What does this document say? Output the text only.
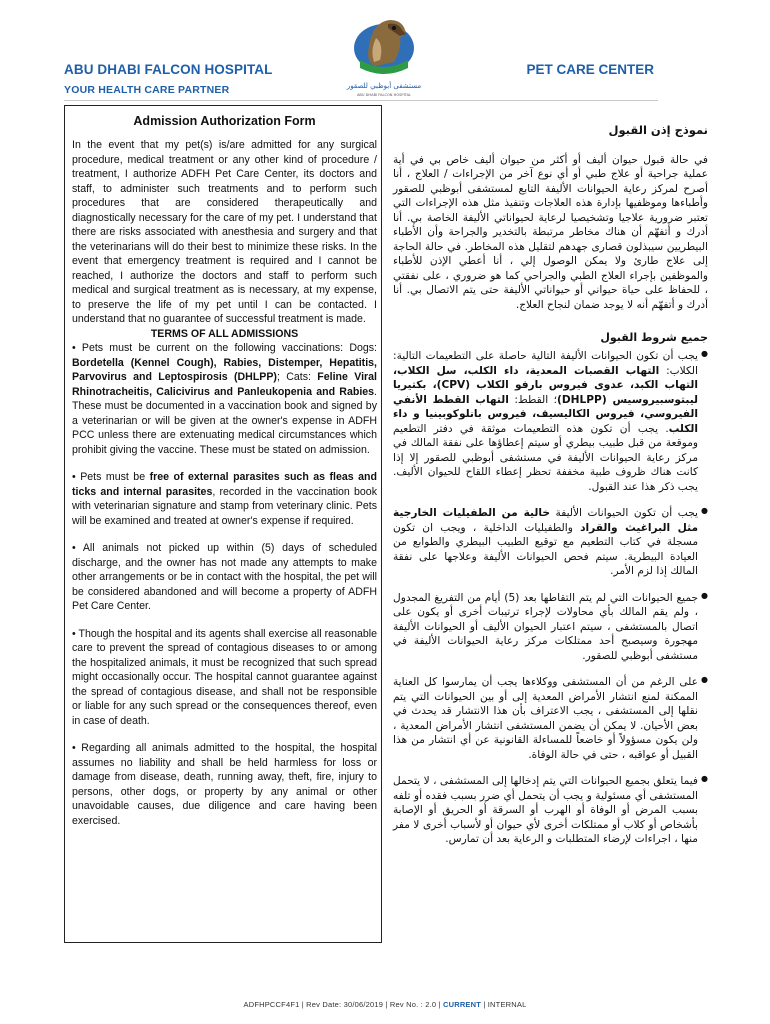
ABU DHABI FALCON HOSPITAL
YOUR HEALTH CARE PARTNER	مستشفى أبوظبي للصقور
ABU DHABI FALCON HOSPITAL
PET CARE CENTER
Admission Authorization Form

In the event that my pet(s) is/are admitted for any surgical procedure, medical treatment or any other kind of procedure / treatment, I authorize ADFH Pet Care Center, its doctors and staff, to administer such treatments and to perform such procedures that are considered therapeutically and diagnostically necessary for the care of my pet. I understand that there are risks associated with anesthesia and surgery and that the veterinarians will do their best to minimize these risks. In the event that emergency treatment is required and I cannot be reached, I authorize the doctors and staff to perform such medical and surgical treatment as is necessary, at my expense, to preserve the life of my pet until I can be contacted. I understand that no guarantee of successful treatment is made.

TERMS OF ALL ADMISSIONS

• Pets must be current on the following vaccinations: Dogs: Bordetella (Kennel Cough), Rabies, Distemper, Hepatitis, Parvovirus and Leptospirosis (DHLPP); Cats: Feline Viral Rhinotracheitis, Calicivirus and Panleukopenia and Rabies. These must be documented in a vaccination book and signed by a veterinarian or will be given at the owner's expense in ADFH PCC unless there are extenuating medical circumstances which prohibit giving the vaccine. These must be stated on admission.

• Pets must be free of external parasites such as fleas and ticks and internal parasites, recorded in the vaccination book with veterinarian signature and stamp from veterinary clinic. Pets will be examined and treated at owner's expense if required.

• All animals not picked up within (5) days of scheduled discharge, and the owner has not made any attempts to make other arrangements or be in contact with the hospital, the pet will be considered abandoned and will become a property of ADFH Pet Care Center.

• Though the hospital and its agents shall exercise all reasonable care to prevent the spread of contagious diseases to or among the hospitalized animals, it must be recognized that such spread might occasionally occur. The hospital cannot guarantee against the spread of contagious disease, and shall not be responsible or liable for any such spread or the consequences thereof, even in case of death.

• Regarding all animals admitted to the hospital, the hospital assumes no liability and shall be held harmless for loss or damage from disease, death, running away, theft, fire, injury to persons, other dogs, or property by any animal or other unavoidable causes, due diligence and care having been exercised.

نموذج إذن القبول

في حالة قبول حيوان أليف أو أكثر من حيوان أليف خاص بي في أية عملية جراحية أو علاج طبي أو أي نوع آخر من الإجراءات / العلاج ، أنا أصرح لمركز رعاية الحيوانات الأليفة التابع لمستشفى أبوظبي للصقور وأطباءها وموظفيها بإدارة هذه العلاجات وتنفيذ مثل هذه الإجراءات التي تعتبر ضرورية علاجيا وتشخيصيا لرعاية لحيواناتي الأليفة الخاصة بي. أنا أدرك و أتفهّم أن هناك مخاطر مرتبطة بالتخدير والجراحة وأن الأطباء البيطريين سيبذلون قصارى جهدهم لتقليل هذه المخاطر. في حالة الحاجة إلى علاج طارئ ولا يمكن الوصول إلي ، أنا أعطي الإذن للأطباء والموظفين بإجراء العلاج الطبي والجراحي كما هو ضروري ، على نفقتي ، للحفاظ على حياة حيواني أو حيواناتي الأليفة حتى يتم الاتصال بي. أنا أدرك و أتفهّم أنه لا يوجد ضمان لنجاح العلاج.

جميع شروط القبول

● يجب أن تكون الحيوانات الأليفة التالية حاصلة على التطعيمات التالية: الكلاب: التهاب القصبات المعدية، داء الكلب، سل الكلاب، التهاب الكبد، عدوى فيروس بارفو الكلاب (CPV)، بكتيريا ليبتوسبيروسيس (DHLPP)؛ القطط: التهاب القطط الأنفي الفيروسي، فيروس الكاليسيف، فيروس بانلوكوبينيا و داء الكلب. يجب أن تكون هذه التطعيمات موثقة في دفتر التطعيم وموقعة من قبل طبيب بيطري أو سيتم إعطاؤها على نفقة المالك في مركز رعاية الحيوانات الأليفة في مستشفى أبوظبي للصقور إلا إذا كانت هناك ظروف طبية مخففة تحظر إعطاء اللقاح للحيوان الأليف. يجب ذكر هذا عند القبول.

● يجب أن تكون الحيوانات الأليفة خالية من الطفيليات الخارجية مثل البراغيث والقراد والطفيليات الداخلية ، ويجب ان تكون مسجلة في كتاب التطعيم مع توقيع الطبيب البيطري والطوابع من العيادة البيطرية. سيتم فحص الحيوانات الأليفة وعلاجها على نفقة المالك إذا لزم الأمر.

● جميع الحيوانات التي لم يتم التقاطها بعد (5) أيام من التفريغ المجدول ، ولم يقم المالك بأي محاولات لإجراء ترتيبات أخرى أو يكون على اتصال بالمستشفى ، سيتم اعتبار الحيوان الأليف أو الحيوانات الأليفة مهجورة وسيصبح أحد ممتلكات مركز رعاية الحيوانات الأليفة في مستشفى أبوظبي للصقور.

● على الرغم من أن المستشفى ووكلاءها يجب أن يمارسوا كل العناية الممكنة لمنع انتشار الأمراض المعدية إلى أو بين الحيوانات التي يتم نقلها إلى المستشفى ، يجب الاعتراف بأن هذا الانتشار قد يحدث في بعض الأحيان. لا يمكن أن يضمن المستشفى انتشار الأمراض المعدية ، ولن يكون مسؤولاً أو خاضعاً للمساءلة القانونية عن أي انتشار من هذا القبيل أو عواقبه ، حتى في حالة الوفاة.

● فيما يتعلق بجميع الحيوانات التي يتم إدخالها إلى المستشفى ، لا يتحمل المستشفى أي مسئولية و يجب أن يتحمل أي ضرر بسبب فقده أو تلفه بسبب المرض أو الوفاة أو الهرب أو السرقة أو الحريق أو الإصابة بأشخاص أو كلاب أو ممتلكات أخرى لأي حيوان أو لأسباب أخرى لا مفر منها ، اجراءات لإرضاء المتطلبات و الرعاية بعد أن تمارس.

ADFHPCCF4F1 | Rev Date: 30/06/2019 | Rev No. : 2.0 | CURRENT | INTERNAL
